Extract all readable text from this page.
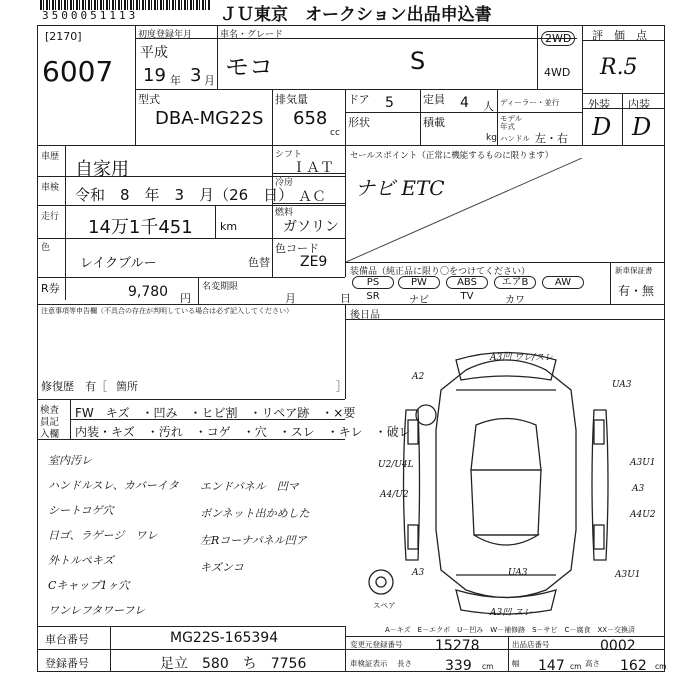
3500051113	ＪＵ東京　オークション出品申込書
[2170]
6007
初度登録年月
平成
19 年 3 月
車名・グレード
モコ	S
2WD
4WD
評　価　点
R.5
外装 内装
D D
型式
DBA-MG22S
排気量
658
cc
ドア 5	定員 4 人 ディーラー・並行
形状	積載
kg
モデル年式
ハンドル 左・右
車歴
自家用
車検 令和　8　年　3　月（26　日）
走行 14万1千451 km
色
レイクブルー	色替
シフト
ＩＡＴ
冷房
ＡＣ
燃料
ガソリン
色コード
ZE9
セールスポイント（正常に機能するものに限ります）
ナビ ETC
装備品（純正品に限り〇をつけてください）	新車保証書
有・無
PS	PW	ABS	エアB	AW
SR	ナビ	TV	カワ
R券	9,780 円
名変期限
月　　　　日
注意事項等申告欄（不具合の存在が判明している場合は必ず記入してください）	後日品
修復歴　有［ 箇所	］
検査員記入欄
FW　キズ　・凹み　・ヒビ割　・リペア跡　・×要
内装・キズ　・汚れ　・コゲ　・穴　・スレ　・キレ　・破レ
室内汚レ
ハンドルスレ、カバーイタ
シートコゲ穴
日ゴ、ラゲージ　ワレ
外トルペキズ
Cキャップ1ヶ穴
ワンレフタワーフレ
エンドバネル　凹マ
ボンネット出かめした
左Rコーナパネル凹ア
キズンコ
A3凹 ワレ/スレ
A2
UA3
U2/U4L
A4/U2
A3U1
A3
A4U2
A3	UA3	A3U1
A3凹 スレ
スペア
A－キズ　E－エクボ　U－凹み　W－補修跡　S－サビ　C－腐食　XX－交換済
車台番号	MG22S-165394
登録番号	足立　580　ち　7756
変更元登録番号 15278	出品店番号	0002
車検証表示 長さ 339 cm 幅 147 cm 高さ 162 cm
